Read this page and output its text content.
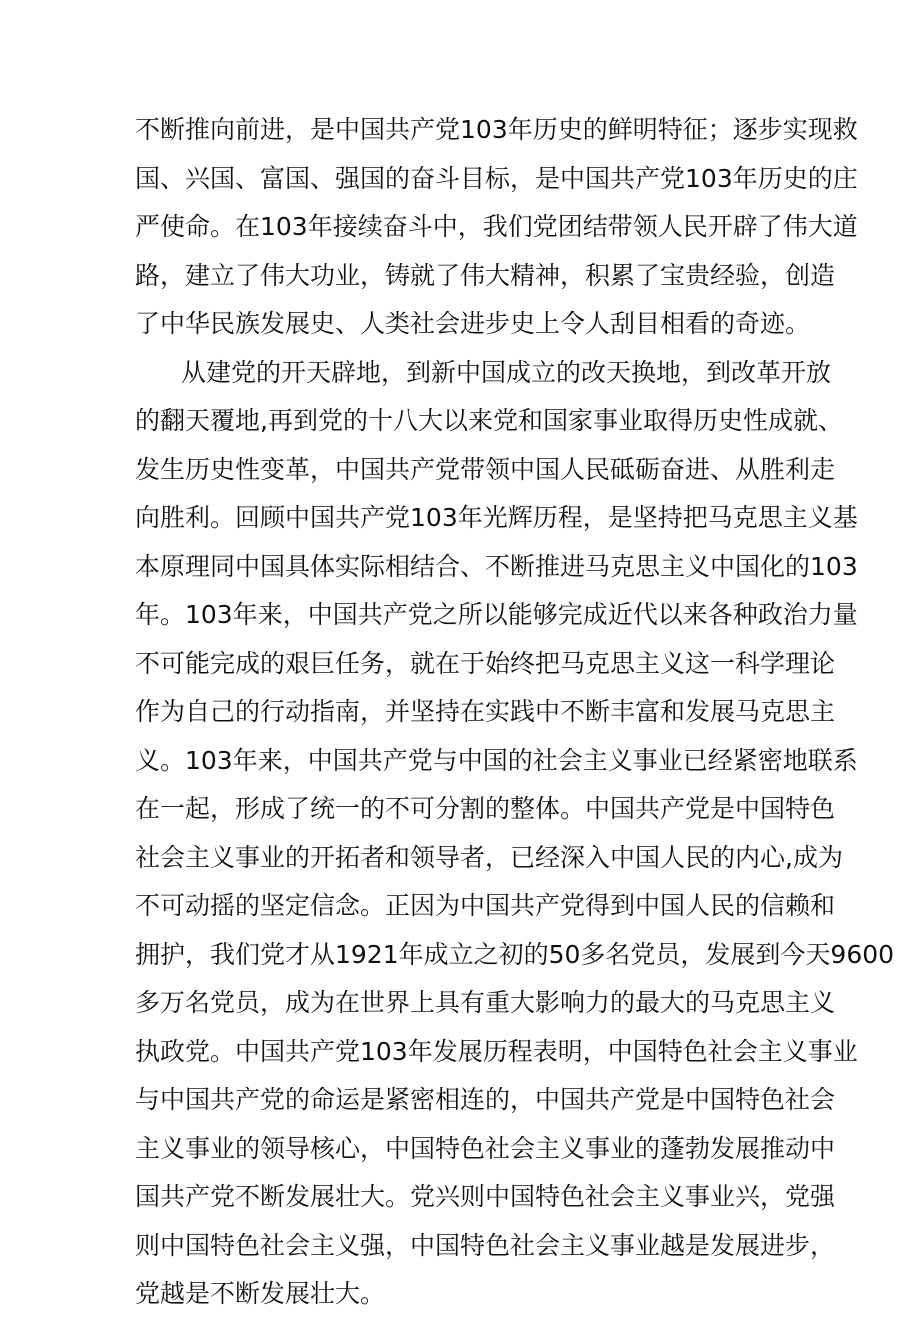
不断推向前进，是中国共产党103年历史的鲜明特征；逐步实现救
国、兴国、富国、强国的奋斗目标，是中国共产党103年历史的庄
严使命。在103年接续奋斗中，我们党团结带领人民开辟了伟大道
路，建立了伟大功业，铸就了伟大精神，积累了宝贵经验，创造
了中华民族发展史、人类社会进步史上令人刮目相看的奇迹。
从建党的开天辟地，到新中国成立的改天换地，到改革开放
的翻天覆地,再到党的十八大以来党和国家事业取得历史性成就、
发生历史性变革，中国共产党带领中国人民砥砺奋进、从胜利走
向胜利。回顾中国共产党103年光辉历程，是坚持把马克思主义基
本原理同中国具体实际相结合、不断推进马克思主义中国化的103
年。103年来，中国共产党之所以能够完成近代以来各种政治力量
不可能完成的艰巨任务，就在于始终把马克思主义这一科学理论
作为自己的行动指南，并坚持在实践中不断丰富和发展马克思主
义。103年来，中国共产党与中国的社会主义事业已经紧密地联系
在一起，形成了统一的不可分割的整体。中国共产党是中国特色
社会主义事业的开拓者和领导者，已经深入中国人民的内心,成为
不可动摇的坚定信念。正因为中国共产党得到中国人民的信赖和
拥护，我们党才从1921年成立之初的50多名党员，发展到今天9600
多万名党员，成为在世界上具有重大影响力的最大的马克思主义
执政党。中国共产党103年发展历程表明，中国特色社会主义事业
与中国共产党的命运是紧密相连的，中国共产党是中国特色社会
主义事业的领导核心，中国特色社会主义事业的蓬勃发展推动中
国共产党不断发展壮大。党兴则中国特色社会主义事业兴，党强
则中国特色社会主义强，中国特色社会主义事业越是发展进步，
党越是不断发展壮大。
